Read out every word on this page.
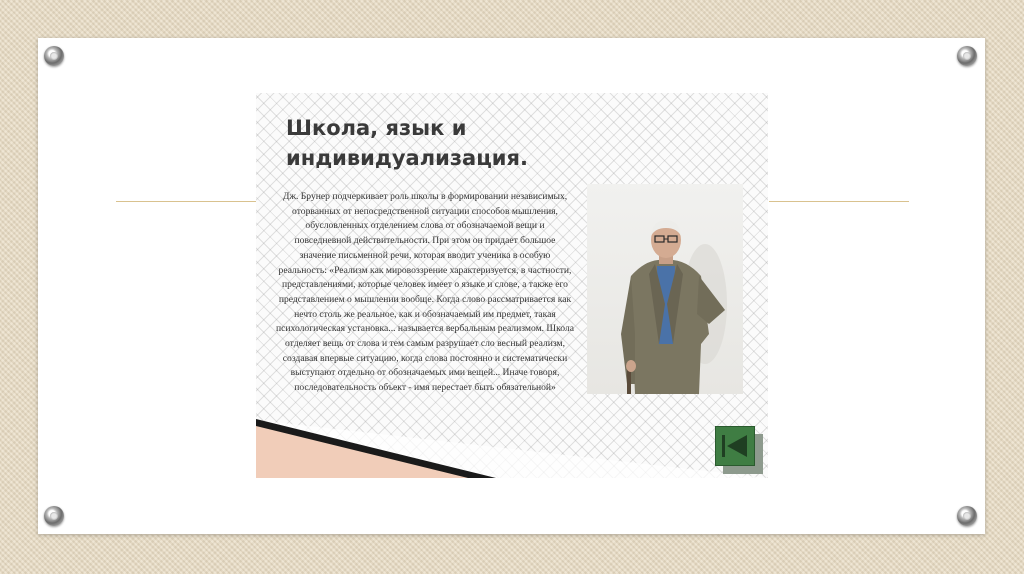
Школа, язык и индивидуализация.

Дж. Брунер подчеркивает роль школы в формировании независимых, оторванных от непосредственной ситуации способов мышления, обусловленных отделением слова от обозначаемой вещи и повседневной действительности. При этом он придает большое значение письменной речи, которая вводит ученика в особую реальность: «Реализм как мировоззрение характеризуется, в частности, представлениями, которые человек имеет о языке и слове, а также его представлением о мышлении вообще. Когда слово рассматривается как нечто столь же реальное, как и обозначаемый им предмет, такая психологическая установка... называется вербальным реализмом. Школа отделяет вещь от слова и тем самым разрушает сло весный реализм, создавая впервые ситуацию, когда слова постоянно и систематически выступают отдельно от обозначаемых ими вещей... Иначе говоря, последовательность объект - имя перестает быть обязательной»
